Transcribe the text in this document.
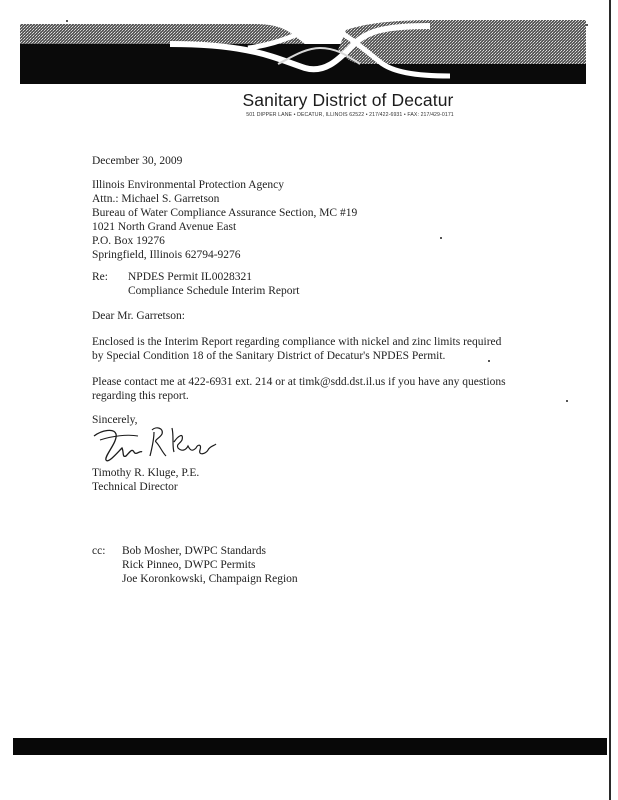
Sanitary District of Decatur
501 DIPPER LANE • DECATUR, ILLINOIS 62522 • 217/422-6931 • FAX: 217/429-0171
December 30, 2009
Illinois Environmental Protection Agency
Attn.: Michael S. Garretson
Bureau of Water Compliance Assurance Section, MC #19
1021 North Grand Avenue East
P.O. Box 19276
Springfield, Illinois 62794-9276
Re: NPDES Permit IL0028321
Compliance Schedule Interim Report
Dear Mr. Garretson:
Enclosed is the Interim Report regarding compliance with nickel and zinc limits required
by Special Condition 18 of the Sanitary District of Decatur's NPDES Permit.
Please contact me at 422-6931 ext. 214 or at timk@sdd.dst.il.us if you have any questions
regarding this report.
Sincerely,
Timothy R. Kluge, P.E.
Technical Director
cc: Bob Mosher, DWPC Standards
Rick Pinneo, DWPC Permits
Joe Koronkowski, Champaign Region
